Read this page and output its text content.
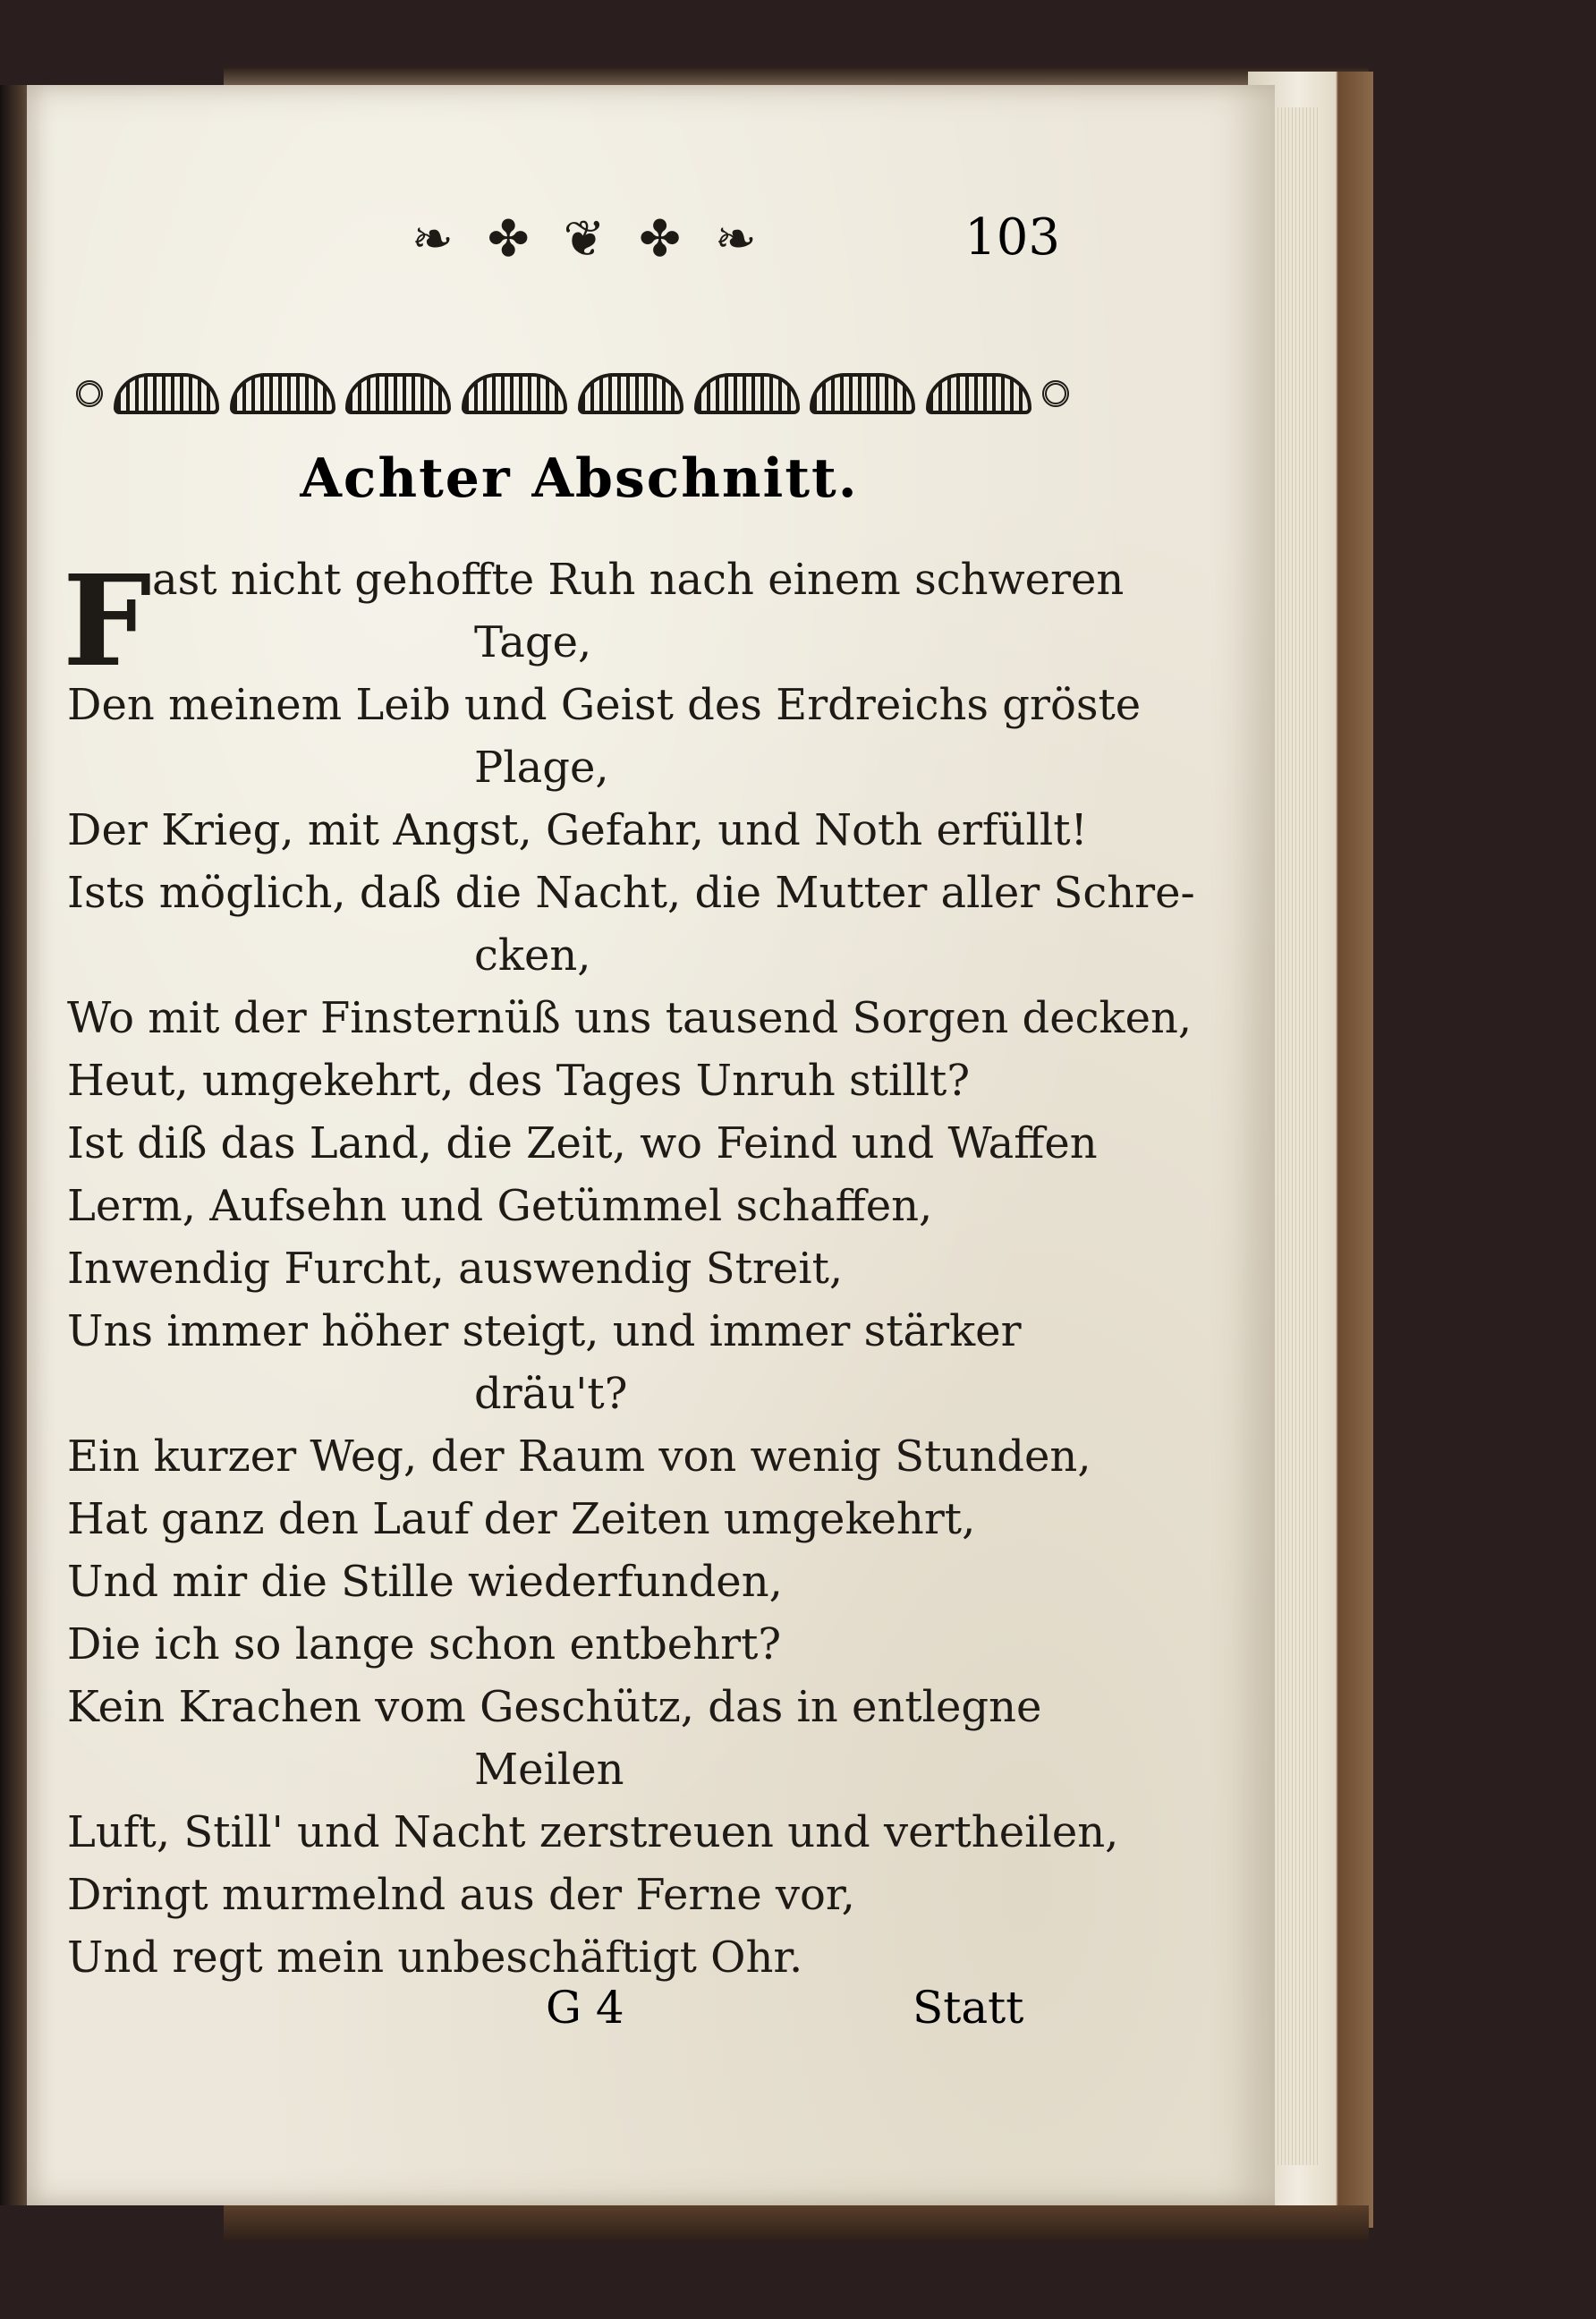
❧ ✤ ❦ ✤ ❧	103
Achter Abschnitt.
F ast nicht gehoffte Ruh nach einem schweren
Tage,
Den meinem Leib und Geist des Erdreichs gröste
Plage,
Der Krieg, mit Angst, Gefahr, und Noth erfüllt!
Ists möglich, daß die Nacht, die Mutter aller Schre-
cken,
Wo mit der Finsternüß uns tausend Sorgen decken,
Heut, umgekehrt, des Tages Unruh stillt?
Ist diß das Land, die Zeit, wo Feind und Waffen
Lerm, Aufsehn und Getümmel schaffen,
Inwendig Furcht, auswendig Streit,
Uns immer höher steigt, und immer stärker
dräu't?
Ein kurzer Weg, der Raum von wenig Stunden,
Hat ganz den Lauf der Zeiten umgekehrt,
Und mir die Stille wiederfunden,
Die ich so lange schon entbehrt?
Kein Krachen vom Geschütz, das in entlegne
Meilen
Luft, Still' und Nacht zerstreuen und vertheilen,
Dringt murmelnd aus der Ferne vor,
Und regt mein unbeschäftigt Ohr.
G 4	Statt
